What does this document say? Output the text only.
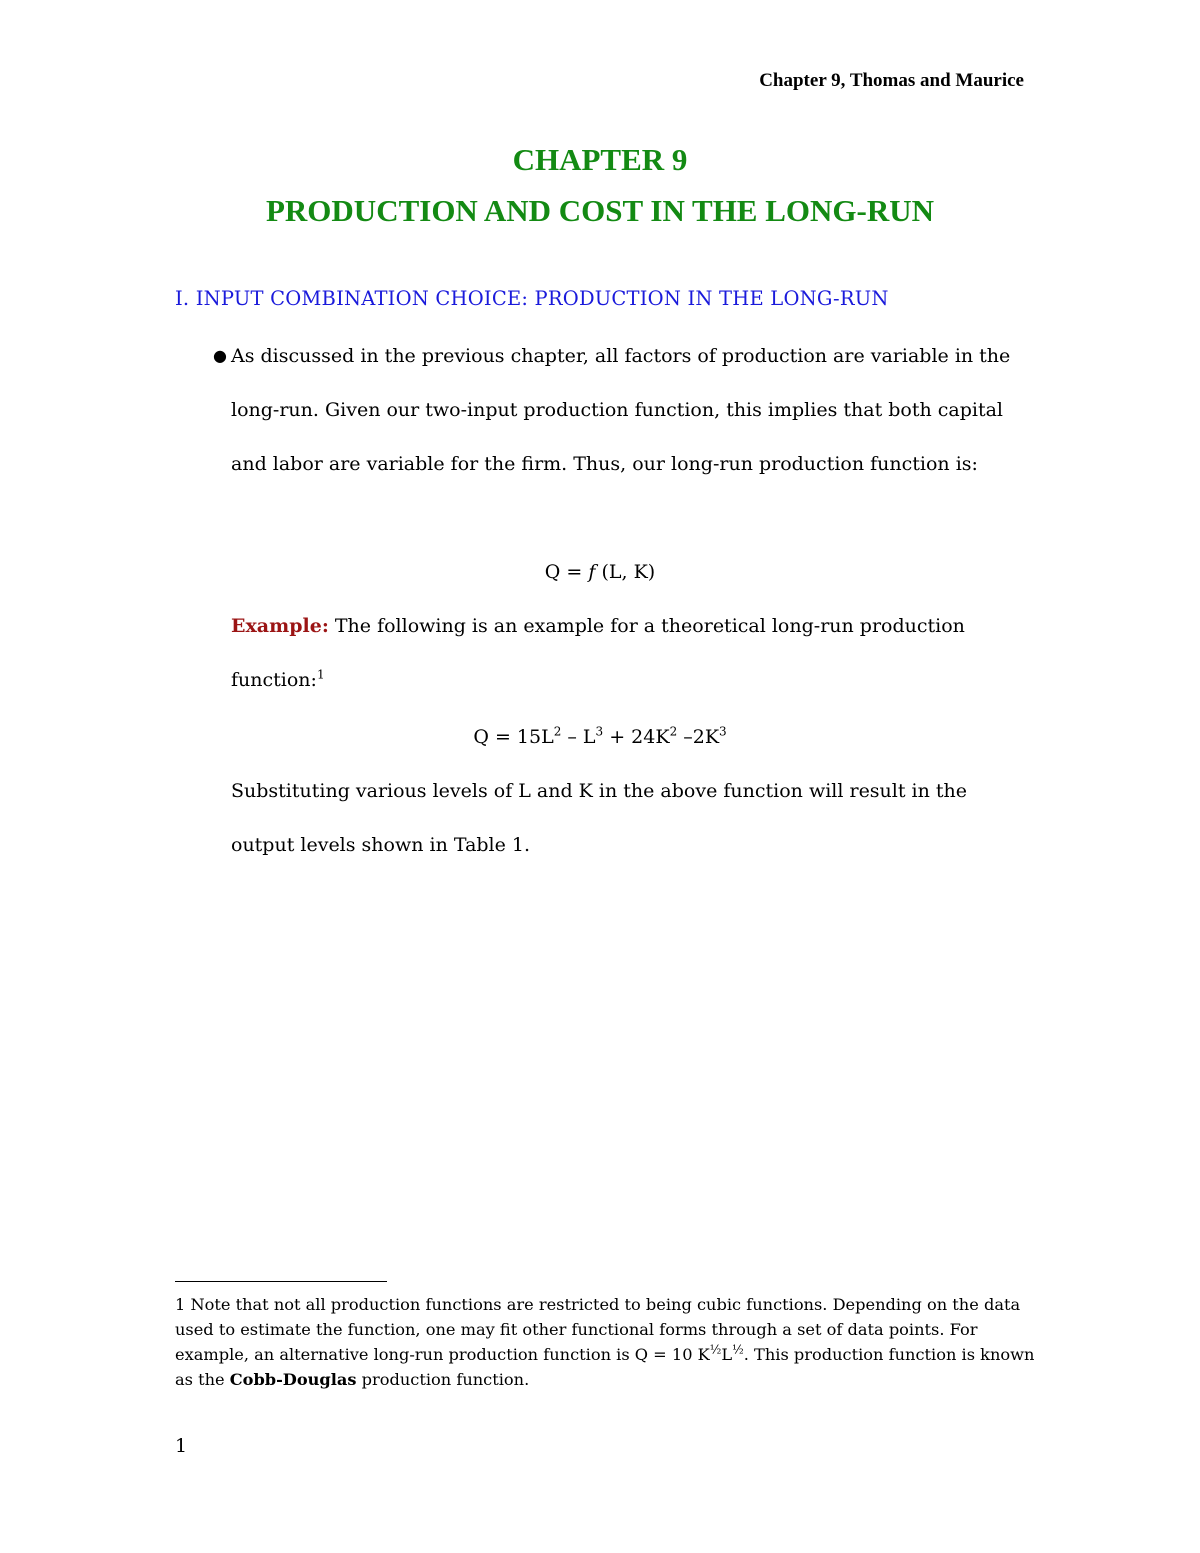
Chapter 9, Thomas and Maurice
CHAPTER 9
PRODUCTION AND COST IN THE LONG-RUN
I. INPUT COMBINATION CHOICE: PRODUCTION IN THE LONG-RUN
● As discussed in the previous chapter, all factors of production are variable in the long-run. Given our two-input production function, this implies that both capital and labor are variable for the firm. Thus, our long-run production function is:
Q = f (L, K)
Example: The following is an example for a theoretical long-run production function:$^1$
$Q = 15L^2 - L^3 + 24K^2$ $-2K^3$
Substituting various levels of L and K in the above function will result in the output levels shown in Table 1.
1 Note that not all production functions are restricted to being cubic functions. Depending on the data used to estimate the function, one may fit other functional forms through a set of data points. For example, an alternative long-run production function is Q = 10 $K^{\frac{1}{2}}L^{\frac{1}{2}}$. This production function is known as the Cobb-Douglas production function.
1
